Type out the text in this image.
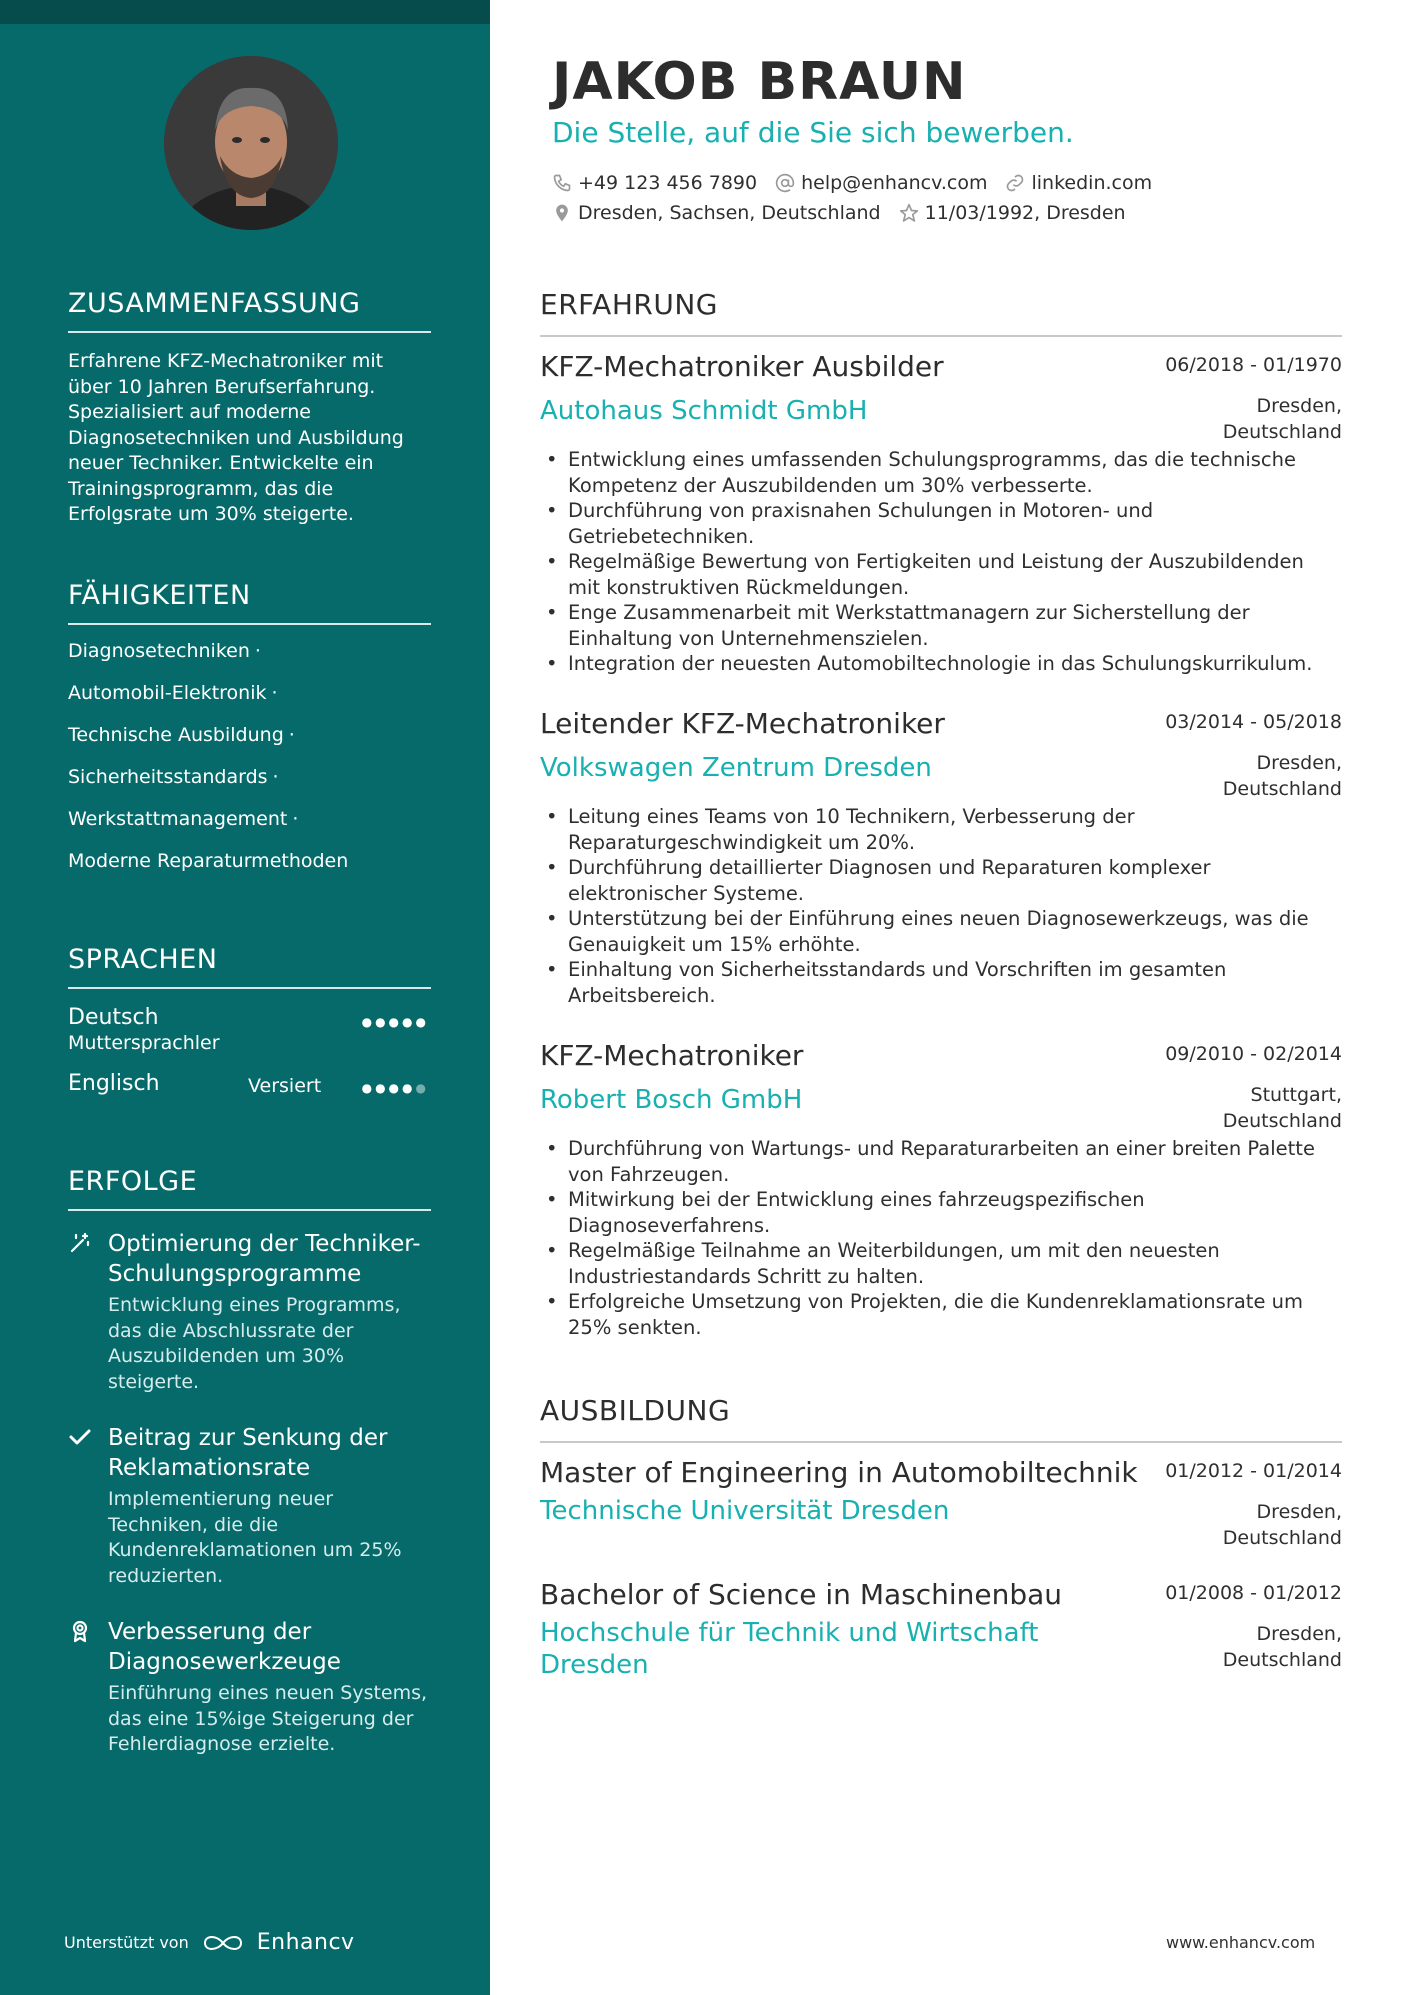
ZUSAMMENFASSUNG
Erfahrene KFZ-Mechatroniker mit über 10 Jahren Berufserfahrung. Spezialisiert auf moderne Diagnosetechniken und Ausbildung neuer Techniker. Entwickelte ein Trainingsprogramm, das die Erfolgsrate um 30% steigerte.
FÄHIGKEITEN
Diagnosetechniken ·
Automobil-Elektronik ·
Technische Ausbildung ·
Sicherheitsstandards ·
Werkstattmanagement ·
Moderne Reparaturmethoden
SPRACHEN
Deutsch
Muttersprachler
●●●●●
Englisch	Versiert	●●●●●
ERFOLGE
Optimierung der Techniker-Schulungsprogramme
Entwicklung eines Programms, das die Abschlussrate der Auszubildenden um 30% steigerte.
Beitrag zur Senkung der Reklamationsrate
Implementierung neuer Techniken, die die Kundenreklamationen um 25% reduzierten.
Verbesserung der Diagnosewerkzeuge
Einführung eines neuen Systems, das eine 15%ige Steigerung der Fehlerdiagnose erzielte.
Unterstützt von	Enhancv
JAKOB BRAUN
Die Stelle, auf die Sie sich bewerben.
+49 123 456 7890 help@enhancv.com linkedin.com
Dresden, Sachsen, Deutschland 11/03/1992, Dresden
ERFAHRUNG
KFZ-Mechatroniker Ausbilder	06/2018 - 01/1970
Autohaus Schmidt GmbH	Dresden,
Deutschland
• Entwicklung eines umfassenden Schulungsprogramms, das die technische Kompetenz der Auszubildenden um 30% verbesserte.
• Durchführung von praxisnahen Schulungen in Motoren- und Getriebetechniken.
• Regelmäßige Bewertung von Fertigkeiten und Leistung der Auszubildenden mit konstruktiven Rückmeldungen.
• Enge Zusammenarbeit mit Werkstattmanagern zur Sicherstellung der Einhaltung von Unternehmenszielen.
• Integration der neuesten Automobiltechnologie in das Schulungskurrikulum.
Leitender KFZ-Mechatroniker	03/2014 - 05/2018
Volkswagen Zentrum Dresden	Dresden,
Deutschland
• Leitung eines Teams von 10 Technikern, Verbesserung der Reparaturgeschwindigkeit um 20%.
• Durchführung detaillierter Diagnosen und Reparaturen komplexer elektronischer Systeme.
• Unterstützung bei der Einführung eines neuen Diagnosewerkzeugs, was die Genauigkeit um 15% erhöhte.
• Einhaltung von Sicherheitsstandards und Vorschriften im gesamten Arbeitsbereich.
KFZ-Mechatroniker	09/2010 - 02/2014
Robert Bosch GmbH	Stuttgart,
Deutschland
• Durchführung von Wartungs- und Reparaturarbeiten an einer breiten Palette von Fahrzeugen.
• Mitwirkung bei der Entwicklung eines fahrzeugspezifischen Diagnoseverfahrens.
• Regelmäßige Teilnahme an Weiterbildungen, um mit den neuesten Industriestandards Schritt zu halten.
• Erfolgreiche Umsetzung von Projekten, die die Kundenreklamationsrate um 25% senkten.
AUSBILDUNG
Master of Engineering in Automobiltechnik	01/2012 - 01/2014
Technische Universität Dresden	Dresden,
Deutschland
Bachelor of Science in Maschinenbau	01/2008 - 01/2012
Hochschule für Technik und Wirtschaft Dresden
Dresden,
Deutschland
www.enhancv.com
